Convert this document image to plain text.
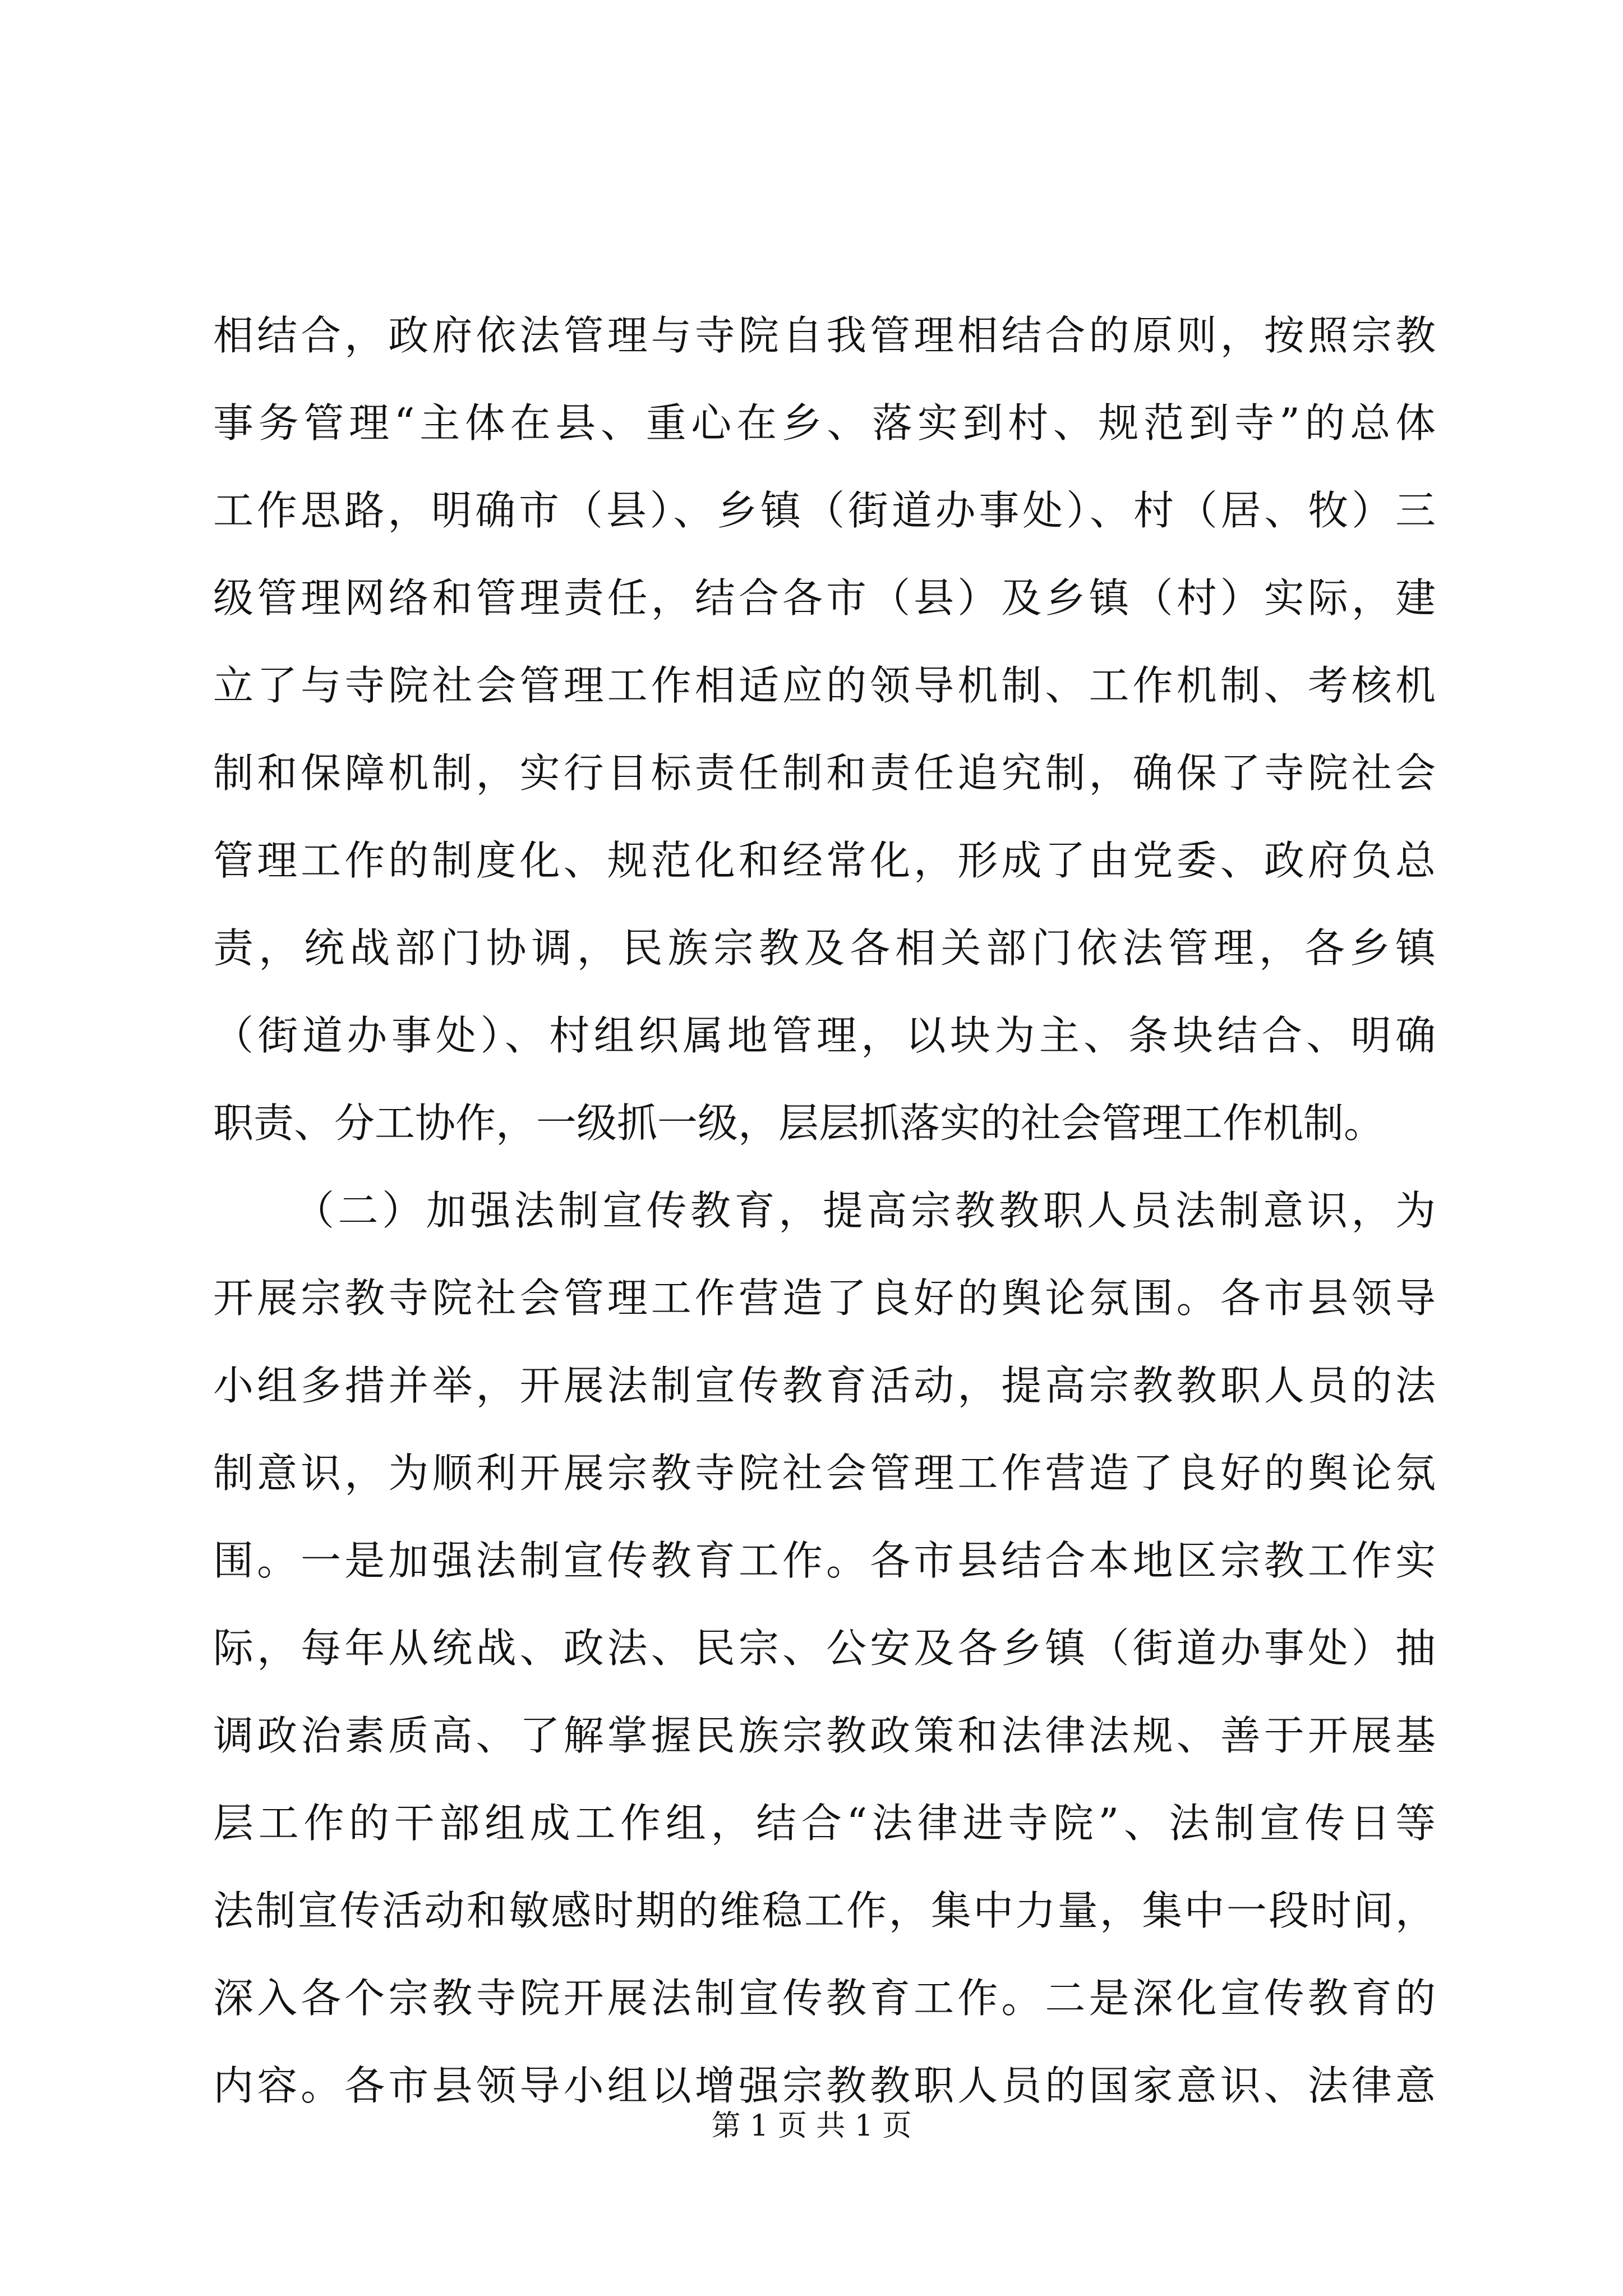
相结合，政府依法管理与寺院自我管理相结合的原则，按照宗教
事务管理“主体在县、重心在乡、落实到村、规范到寺”的总体
工作思路，明确市（县）、乡镇（街道办事处）、村（居、牧）三
级管理网络和管理责任，结合各市（县）及乡镇（村）实际，建
立了与寺院社会管理工作相适应的领导机制、工作机制、考核机
制和保障机制，实行目标责任制和责任追究制，确保了寺院社会
管理工作的制度化、规范化和经常化，形成了由党委、政府负总
责，统战部门协调，民族宗教及各相关部门依法管理，各乡镇
（街道办事处）、村组织属地管理，以块为主、条块结合、明确
职责、分工协作，一级抓一级，层层抓落实的社会管理工作机制。
（二）加强法制宣传教育，提高宗教教职人员法制意识，为
开展宗教寺院社会管理工作营造了良好的舆论氛围。各市县领导
小组多措并举，开展法制宣传教育活动，提高宗教教职人员的法
制意识，为顺利开展宗教寺院社会管理工作营造了良好的舆论氛
围。一是加强法制宣传教育工作。各市县结合本地区宗教工作实
际，每年从统战、政法、民宗、公安及各乡镇（街道办事处）抽
调政治素质高、了解掌握民族宗教政策和法律法规、善于开展基
层工作的干部组成工作组，结合“法律进寺院”、法制宣传日等
法制宣传活动和敏感时期的维稳工作，集中力量，集中一段时间，
深入各个宗教寺院开展法制宣传教育工作。二是深化宣传教育的
内容。各市县领导小组以增强宗教教职人员的国家意识、法律意
第 1 页 共 1 页
